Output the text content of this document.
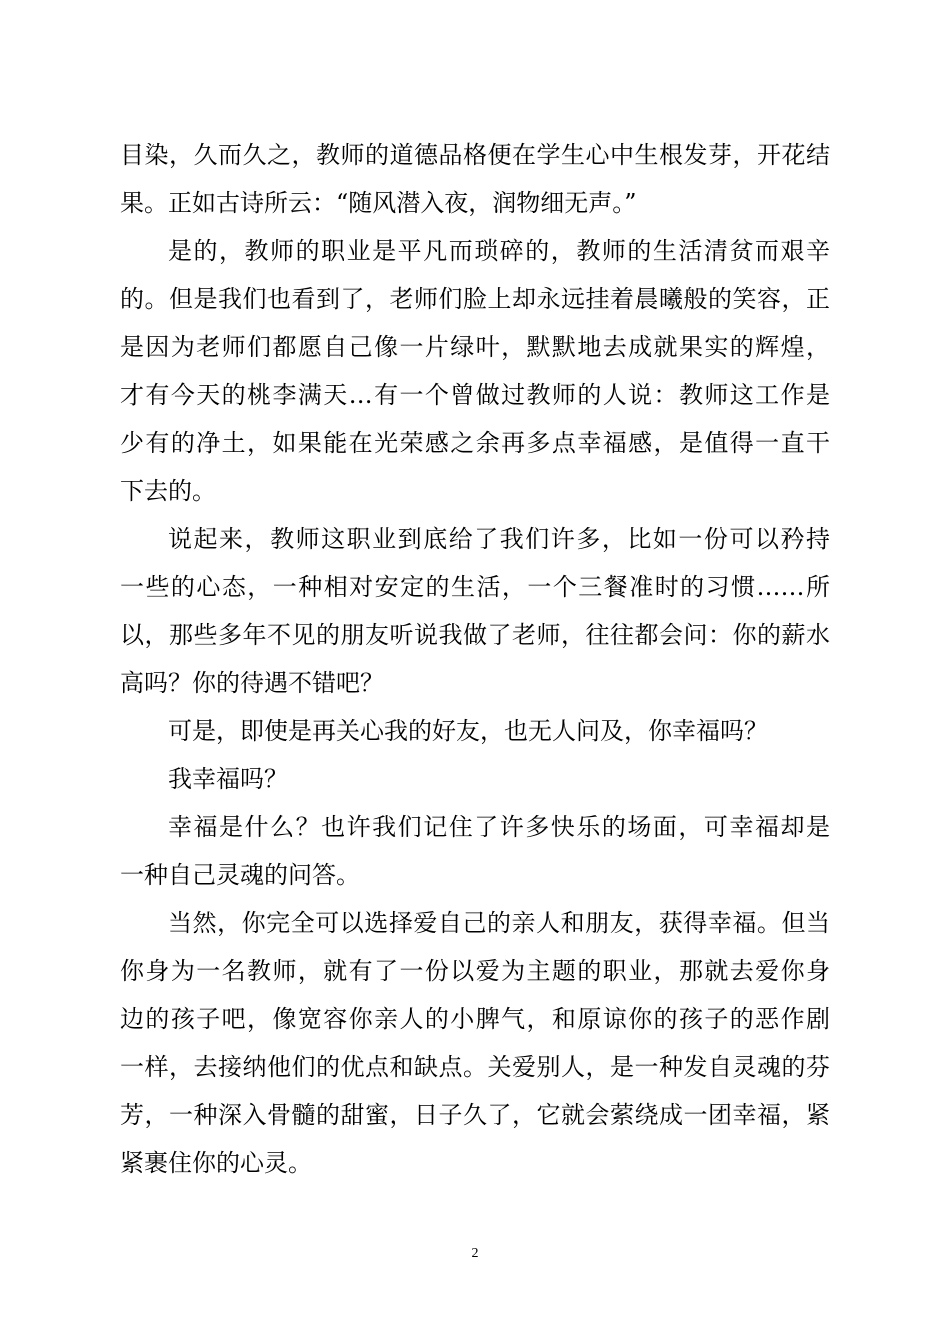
目染，久而久之，教师的道德品格便在学生心中生根发芽，开花结
果。正如古诗所云：“随风潜入夜，润物细无声。”
是的，教师的职业是平凡而琐碎的，教师的生活清贫而艰辛
的。但是我们也看到了，老师们脸上却永远挂着晨曦般的笑容，正
是因为老师们都愿自己像一片绿叶，默默地去成就果实的辉煌，
才有今天的桃李满天…有一个曾做过教师的人说：教师这工作是
少有的净土，如果能在光荣感之余再多点幸福感，是值得一直干
下去的。
说起来，教师这职业到底给了我们许多，比如一份可以矜持
一些的心态，一种相对安定的生活，一个三餐准时的习惯……所
以，那些多年不见的朋友听说我做了老师，往往都会问：你的薪水
高吗？你的待遇不错吧？
可是，即使是再关心我的好友，也无人问及，你幸福吗？
我幸福吗？
幸福是什么？也许我们记住了许多快乐的场面，可幸福却是
一种自己灵魂的问答。
当然，你完全可以选择爱自己的亲人和朋友，获得幸福。但当
你身为一名教师，就有了一份以爱为主题的职业，那就去爱你身
边的孩子吧，像宽容你亲人的小脾气，和原谅你的孩子的恶作剧
一样，去接纳他们的优点和缺点。关爱别人，是一种发自灵魂的芬
芳，一种深入骨髓的甜蜜，日子久了，它就会萦绕成一团幸福，紧
紧裹住你的心灵。
2
